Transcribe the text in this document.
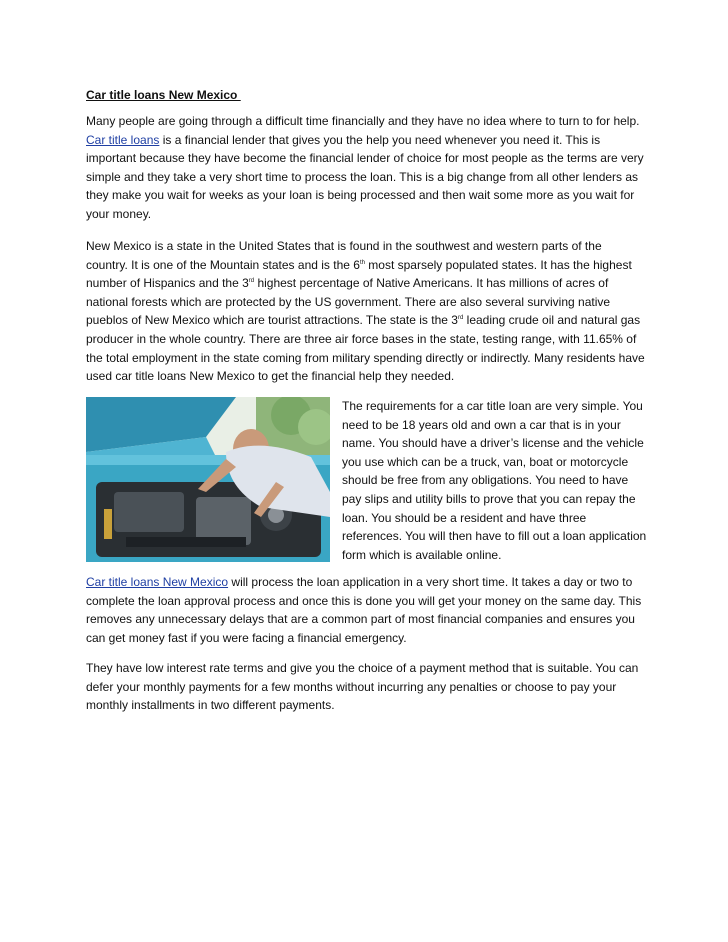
Car title loans New Mexico

Many people are going through a difficult time financially and they have no idea where to turn to for help. Car title loans is a financial lender that gives you the help you need whenever you need it. This is important because they have become the financial lender of choice for most people as the terms are very simple and they take a very short time to process the loan. This is a big change from all other lenders as they make you wait for weeks as your loan is being processed and then wait some more as you wait for your money.

New Mexico is a state in the United States that is found in the southwest and western parts of the country. It is one of the Mountain states and is the 6th most sparsely populated states. It has the highest number of Hispanics and the 3rd highest percentage of Native Americans. It has millions of acres of national forests which are protected by the US government. There are also several surviving native pueblos of New Mexico which are tourist attractions. The state is the 3rd leading crude oil and natural gas producer in the whole country. There are three air force bases in the state, testing range, with 11.65% of the total employment in the state coming from military spending directly or indirectly. Many residents have used car title loans New Mexico to get the financial help they needed.

The requirements for a car title loan are very simple. You need to be 18 years old and own a car that is in your name. You should have a driver’s license and the vehicle you use which can be a truck, van, boat or motorcycle should be free from any obligations. You need to have pay slips and utility bills to prove that you can repay the loan. You should be a resident and have three references. You will then have to fill out a loan application form which is available online.

Car title loans New Mexico will process the loan application in a very short time. It takes a day or two to complete the loan approval process and once this is done you will get your money on the same day. This removes any unnecessary delays that are a common part of most financial companies and ensures you can get money fast if you were facing a financial emergency.

They have low interest rate terms and give you the choice of a payment method that is suitable. You can defer your monthly payments for a few months without incurring any penalties or choose to pay your monthly installments in two different payments.
